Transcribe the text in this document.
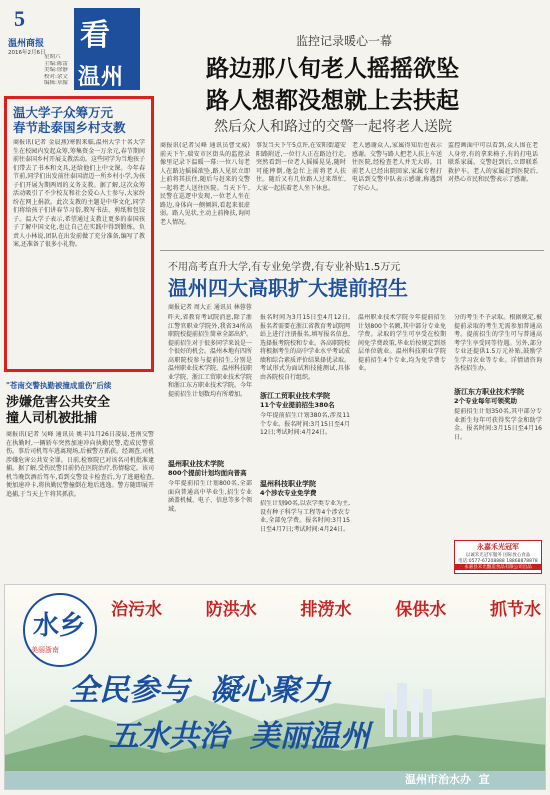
5
温州商报
2016年2月6日
星期六
主编:陈雷
美编:徐静
校对:余文
编辑:章朦
看
温州
监控记录暖心一幕
路边那八旬老人摇摇欲坠
路人想都没想就上去扶起
然后众人和路过的交警一起将老人送院
商报讯(记者吴峰 通讯员曹文威)前天下午,瑞安市区街头的监控录像里记录下温暖一幕:一位八旬老人在路边摇摇欲坠,路人见状立即上前将其扶住,随后与赶来的交警一起将老人送往医院。当天下午,民警在巡逻中发现,一位老人坐在路边,身体向一侧倾斜,看起来很虚弱。路人见状,主动上前搀扶,询问老人情况。
事发当天下午5点许,在安阳街道安阳路附近,一位行人正在路边行走,突然看到一位老人摇摇晃晃,随时可能摔倒,他急忙上前将老人扶住。随后又有几位路人过来帮忙,大家一起扶着老人坐下休息。
老人感谢众人,家属得知后也表示感谢。交警与路人把老人扶上车送往医院,经检查老人并无大碍。目前老人已经出院回家,家属专程打电话到交警中队表示感谢,称遇到了好心人。
监控画面中可以看到,众人围在老人身旁,有的拿来椅子,有的打电话联系家属。交警赶到后,立即联系救护车。老人的家属赶到医院后,对热心市民和民警表示了感谢。
温大学子众筹万元
春节赴泰国乡村支教
商报讯(记者 金晨燕)寒假来临,温州大学十名大学生在校园内发起众筹,筹集资金一万余元,春节期间前往泰国乡村开展支教活动。这些同学为当地孩子们带去了书本和文具,还给他们上中文课。今年春节前,同学们出发前往泰国清迈一所乡村小学,为孩子们开展为期两周的义务支教。据了解,这次众筹活动吸引了不少校友和社会爱心人士参与,大家纷纷在网上捐款。此次支教的主题是中华文化,同学们将给孩子们讲春节习俗,教写书法、剪纸和包饺子。温大学子表示,希望通过支教让更多的泰国孩子了解中国文化,也让自己在实践中得到锻炼。负责人小林说,团队在出发前做了充分准备,编写了教案,还准备了很多小礼物。
"苍南交警执勤被撞成重伤"后续
涉嫌危害公共安全
撞人司机被批捕
商报讯(记者 吴峰 通讯员 姚丰)1月26日凌晨,苍南交警在执勤时,一辆轿车突然加速冲向执勤民警,造成民警重伤。事后司机驾车逃离现场,后被警方抓获。经调查,司机涉嫌危害公共安全罪。日前,检察院已对该名司机批准逮捕。据了解,受伤民警目前仍在医院治疗,伤情稳定。该司机当晚饮酒后驾车,看到交警设卡检查后,为了逃避检查,便加速冲卡,将执勤民警撞倒在地后逃逸。警方随即展开追捕,于当天上午将其抓获。
不用高考直升大学,有专业免学费,有专业补贴1.5万元
温州四大高职扩大提前招生
商报记者 周大正 通讯员 林蓉蓉
昨天,省教育考试院消息,除了浙江警官职业学院外,我省34所高职院校提前招生简章全部出炉。提前招生对于很多同学来说是一个很好的机会。温州本地有四所高职院校参与提前招生,分别是温州职业技术学院、温州科技职业学院、浙江工贸职业技术学院和浙江东方职业技术学院。今年提前招生计划数均有所增加。
温州职业技术学院
800个提前计划均面向普高
今年提前招生计划800名,全部面向普通高中毕业生,招生专业涵盖机械、电子、信息等多个领域。
报名时间为3月15日至4月12日,报名者需要在浙江省教育考试院网站上进行注册报名,填写报名信息,选择报考院校和专业。各高职院校将根据考生的高中学业水平考试成绩和综合素质评价结果择优录取。考试形式为面试和技能测试,具体由各院校自行组织。
浙江工贸职业技术学院
11个专业提前招生380名
今年提前招生计划380名,涉及11个专业。报名时间:3月15日至4月12日;考试时间:4月24日。
温州科技职业学院
4个涉农专业免学费
招生计划90名,以农学类专业为主,设有种子科学与工程等4个涉农专业,全部免学费。报名时间:3月15日至4月7日;考试时间:4月24日。
温州职业技术学院今年提前招生计划800个名额,其中部分专业免学费。录取的学生可享受在校期间免学费政策,毕业后按规定到基层单位就业。温州科技职业学院提前招生4个专业,均为免学费专业。
分的考生不予录取。根据规定,被提前录取的考生无需参加普通高考。提前招生的学生可与普通高考学生享受同等待遇。另外,部分专业还提供1.5万元补贴,鼓励学生学习农业等专业。详情请咨询各校招生办。
浙江东方职业技术学院
2个专业每年可领奖助
提前招生计划350名,其中部分专业新生每年可获得奖学金和助学金。报名时间:3月15日至4月16日。
永嘉禾光冠军
以诚禾光冠军服务 国际放心食品
电话:0577-67208888 18868878878
永嘉县禾光酿造食品有限公司出品
水乡
美丽浙南
治污水	防洪水	排涝水	保供水	抓节水
全民参与  凝心聚力
五水共治  美丽温州
温州市治水办  宣
